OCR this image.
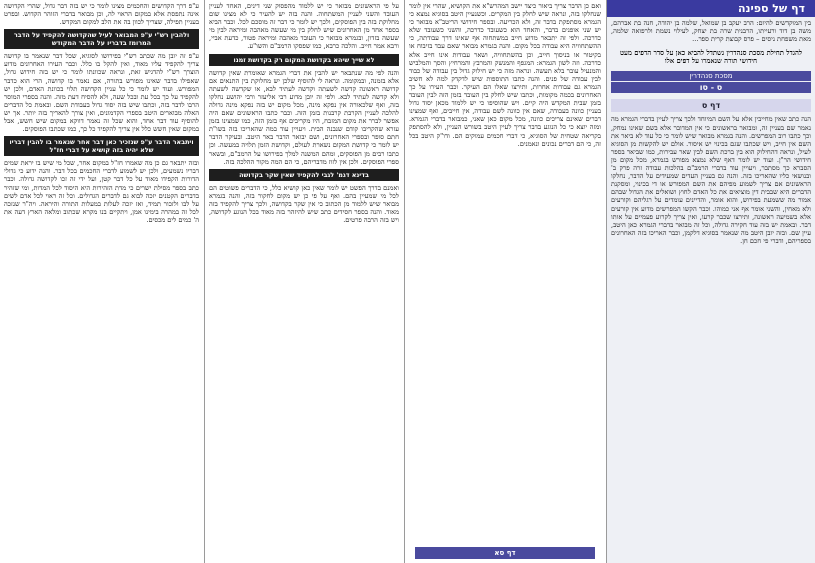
דף של ספינה

בין המוקדשים להיום: הרב יעקב בן שמואל, שלמה בן יהודה, חנה בת אברהם, משה בן דוד ורעייתו, הרבנית שרה בת יצחק, לעילוי נשמת ולרפואה שלמה, מאת משפחת ניסים – פרס קבוצת קרית ספר...

להגדל תחילת מסכת סנהדרין נשתדל להביא כאן על סדר הדפים מעט חידושי תורה שנאמרו על דפים אלו
מסכת סנהדרין
ס - סו
דף ס

הנה כתב שאין מחייבין אלא על השם המיוחד ולכך צריך לעיין בדברי הגמרא מה נאמר שם בעניין זה, ומבואר בראשונים כי אין המדובר אלא בשם שאינו נמחק, וכך כתבו רוב המפרשים. והנה בגמרא מבואר שיש לומר כי כל עוד לא ביאר את השם אין חייב, ויש שכתבו שגם בכינוי יש איסור. אולם יש להקשות מן הסוגיא לעיל, ונראה דהחילוק הוא בין ברכת השם לבין שאר עבירות, כמו שביאר בספר חידושי הר"ן. ועוד יש לומר דאף שלא נמצא מפורש בגמרא, מכל מקום מן הסברא כך מסתבר, ויעויין עוד בדברי הרמב"ם בהלכות עבודה זרה פרק ב' ובנושאי כליו שהאריכו בזה. והנה גם בעניין העדים שמעידים על הדבר, נחלקו הראשונים אם צריך לשמוע מפיהם את השם המפורש או די בכינוי, ומסקנת הדברים היא שבבית דין מוציאים את כל האדם לחוץ ושואלים את הגדול שבהם אמור מה ששמעת בפירוש, והוא אומר, והדיינים עומדים על רגליהם וקורעים ולא מאחין, והשני אומר אף אני כמוהו. וכבר הקשו המפרשים מדוע אין קורעים אלא בשמיעה ראשונה, ותירצו שכבר קרעו, ואין צריך לקרוע פעמיים על אותו דבר. ובאמת יש בזה עוד חקירה גדולה, וכל זה מבואר בדברי הגמרא כאן היטב, עיין שם. ובזה יובן היטב מה שנאמר בסוגיא דלקמן, וכבר האריכו בזה האחרונים בספריהם, ודברי פי חכם חן.

ואם כן הדבר צריך ביאור כיצד יישב המהרש"א את הקושיא, שהרי אין לומר שנחלקו בזה, ונראה שיש לחלק בין המקרים. וכשנעיין היטב בסוגיא נמצא כי הגמרא מסתפקת בדבר זה, ולא הכריעה. ובספר חידושי הריטב"א מבואר כי יש שני אופנים בדבר, והאחד הוא כשעובד כדרכה, והשני כשעובד שלא כדרכה. ולפי זה יתבאר מדוע חייב במשתחוה אף שאינו דרך עבודתה, כי ההשתחוויה היא עבודה בכל מקום. והנה בגמרא מבואר שאם עבד בזיבוח או בקיטור או בניסוך חייב, וכן בהשתחוויה, ושאר עבודות אינו חייב אלא כדרכה. וזה לשון הגמרא: המגפף והמנשק והמרבץ והמרחיץ והסך והמלביש והמנעיל עובר בלא תעשה. ונראה מזה כי יש חילוק גדול בין עבודה של כבוד לבין עבודה של פנים. והנה כתבו התוספות שיש לדקדק למה לא חשיב הגמרא גם עבודות אחרות, ותירצו שאלו הם העיקר. וכבר העירו על כך האחרונים בכמה מקומות, וכתבו שיש לחלק בין העובד בזמן הזה לבין העובד בזמן שבית המקדש היה קיים. ויש שהוסיפו כי יש ללמוד מכאן יסוד גדול בעניין כוונה בעבודה, שאם אין כוונה לשם עבודה, אין חייבים, ואף שמצינו דברים שאינם צריכים כוונה, מכל מקום כאן שאני, כמבואר בדברי הגמרא. ומזה יוצא כי כל הנוגע בדבר צריך לעיין היטב בשורש העניין, ולא להסתפק בקריאה שטחית של הסוגיא, כי דברי חכמים עמוקים הם. ודו"ק היטב בכל זה, כי הם דברים נכונים ונאמנים.

על פי הראשונים מבואר כי יש ללמוד מהפסוק שני דינים, האחד לעניין העובד והשני לעניין המשתחוה. והנה בזה יש להעיר כי לא מצינו שום מחלוקת בזה בין הפוסקים, ולכך יש לומר כי דבר זה מוסכם לכל. וכבר הביא בספר אחד מן האחרונים שיש לחלק בין מי שעשה מאהבה ומיראה לבין מי שעשה בזדון, ובגמרא מבואר כי העובד מאהבה ומיראה פטור, כדעת אביי, ורבא אמר חייב. והלכה כרבא, כמו שפסקו הרמב"ם והשו"ע.

לא שייך שיהא בקדושת המקום רק בקדושת זמנו

והנה לפי מה שנתבאר יש להבין את דברי הגמרא שאומרת שאין קדושה אלא בזמנה, ובמקומה. ונראה לי להוסיף שלכן יש מחלוקת בין התנאים אם קדושה ראשונה קדשה לשעתה וקדשה לעתיד לבא, או שקדשה לשעתה ולא קדשה לעתיד לבא. ולפי זה יובן מדוע רבי אליעזר ורבי יהושע נחלקו בזה, ואף שלכאורה אין נפקא מינה, מכל מקום יש בזה נפקא מינה גדולה להלכה לעניין הקרבת קרבנות בזמן הזה. וכבר כתבו הראשונים שאם היה אפשר לברר את מקום המזבח, היו מקריבים אף בזמן הזה, כמו שמצינו בזמן עזרא שהקריבו קודם שנבנה הבית. ויעויין עוד במה שהאריכו בזה בשו"ת חתם סופר ובספרי האחרונים, ושם יבואר הדבר באר היטב. ובעיקר הדבר יש לומר כי קדושת המקום נשארת לעולם, וקדושת הזמן תלויה במעשה. וכן כתבו רבים מן הפוסקים, ומהם המשנה למלך בפירושו על הרמב"ם, ובשאר ספרי הפוסקים. ולכן אין לזוז מדבריהם, כי הם המה מקור ההלכה בזה.

בדינא דגמ' לגבי להקפיד שאין שקר בקדושה

ואמנם בדרך הפשט יש לומר שאין כאן קושיא כלל, כי הדברים פשוטים הם לכל מי שמעיין בהם. ואף על פי כן יש מקום לחקור בזה, והנה בגמרא מבואר שיש ללמוד מן הכתוב כי אין שקר בקדושה, ולכך צריך להקפיד בזה מאוד. והנה בספר חסידים כתב שיש להיזהר בזה מאוד בכל הנוגע לקדושה, ויש בזה הרבה פרטים.

ע"פ דרך הקדושים והחכמים מצינו לומר כי יש בזה דבר גדול, שהרי הקדושה אינה נתפסת אלא במקום הראוי לה, וכן מבואר בדברי הזוהר הקדוש. ובפרט בעניין תפילה, שצריך לכוון בה את הלב למקום המקדש.

ולהבין רש"י ע"פ המבואר לעיל שהקדושה להקפיד על הדבר המרומז בדבריו על הדבר המקודש

ע"פ זה יובן מה שכתב רש"י בפירושו לסוגיא, שכל דבר שנאמר בו קדושה צריך להקפיד עליו מאוד, ואין להקל בו כלל. וכבר העירו האחרונים מדוע הוצרך רש"י להדגיש זאת, ונראה שכוונתו לומר כי יש בזה חידוש גדול, שאפילו בדבר שאינו מפורש בתורה, אם נאמר בו קדושה, הרי הוא כדבר המפורש. ועוד יש לומר כי כל עניין הקדושה תלוי בכוונת האדם, ולכן יש להקפיד על כך בכל עת ובכל שעה, ולא להסיח דעת מזה. והנה בספרי המוסר הרבו לדבר בזה, וכתבו שיש בזה יסוד גדול בעבודת השם. ובאמת כל הדברים האלה מבוארים היטב בספרי הקדמונים, ואין צורך להאריך בזה יותר. אך יש להוסיף עוד דבר אחד, והוא שכל זה נאמר דווקא במקום שיש חשש, אבל במקום שאין חשש כלל אין צריך להקפיד כל כך, כמו שכתבו הפוסקים.

ויתבאר הדבר ע"פ שנזכיר כאן דבר אחר שנאמר בו להבין דבריו שלא יהיה בזה קושיא על דברי חז"ל

ובזה יתבאר גם כן מה שאמרו חז"ל במקום אחר, שכל מי שיש בו יראת שמים דבריו נשמעים, ולכן יש לשמוע לדברי החכמים בכל דבר. והנה ידוע כי גדולי הדורות הקפידו מאוד על כל דבר קטן, ועל ידי זה זכו לקדושה גדולה. וכבר כתב בספר מסילת ישרים כי מדת הזהירות היא היסוד לכל המדות, ומי שזהיר בדברים הקטנים יזכה לבוא גם לדברים הגדולים. וכל זה ראוי לכל אדם לשים על לבו ולזכור תמיד, ואז יזכה לעלות במעלות התורה והיראה. ויה"ר שנזכה לכל זה במהרה בימינו אמן, ויתקיים בנו מקרא שכתוב ומלאה הארץ דעה את ה' כמים לים מכסים.

דף סא
